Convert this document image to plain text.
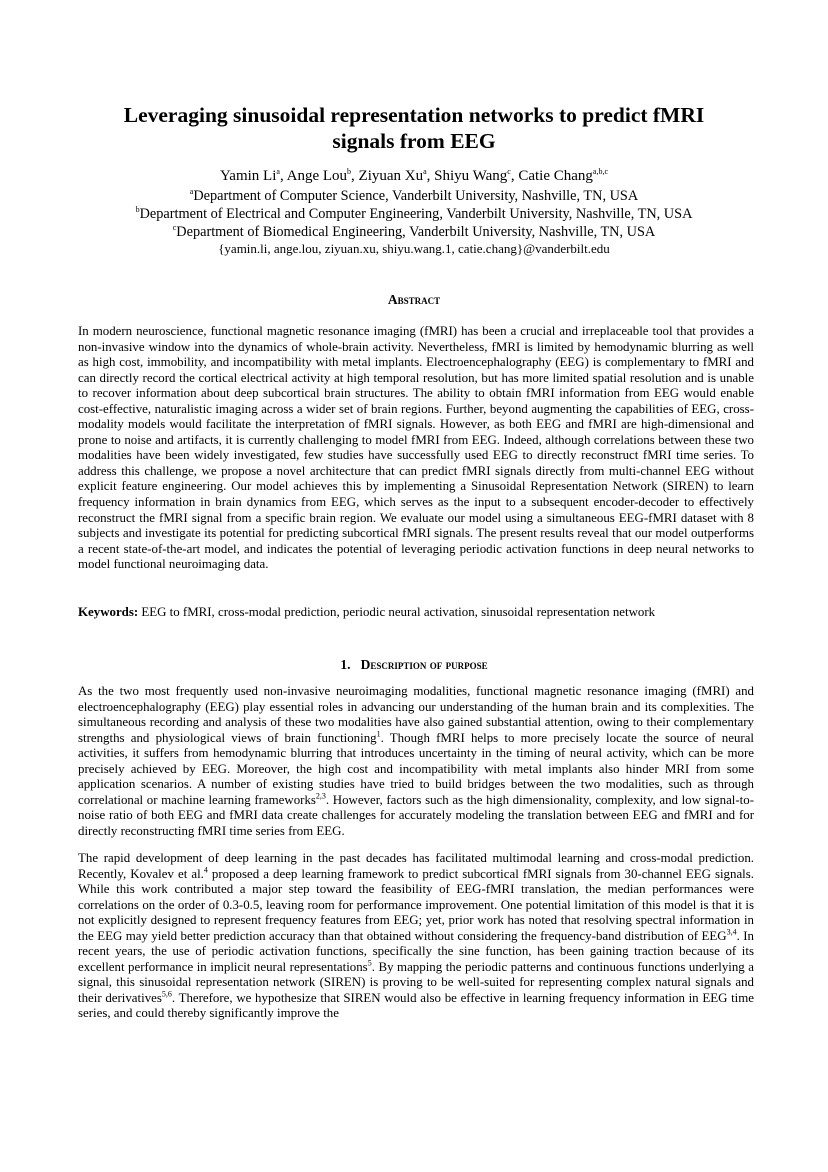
Leveraging sinusoidal representation networks to predict fMRI signals from EEG
Yamin Li$^a$, Ange Lou$^b$, Ziyuan Xu$^a$, Shiyu Wang$^c$, Catie Chang$^{a,b,c}$
$^a$Department of Computer Science, Vanderbilt University, Nashville, TN, USA
$^b$Department of Electrical and Computer Engineering, Vanderbilt University, Nashville, TN, USA
$^c$Department of Biomedical Engineering, Vanderbilt University, Nashville, TN, USA
{yamin.li, ange.lou, ziyuan.xu, shiyu.wang.1, catie.chang}@vanderbilt.edu
Abstract
In modern neuroscience, functional magnetic resonance imaging (fMRI) has been a crucial and irreplaceable tool that provides a non-invasive window into the dynamics of whole-brain activity. Nevertheless, fMRI is limited by hemodynamic blurring as well as high cost, immobility, and incompatibility with metal implants. Electroencephalography (EEG) is complementary to fMRI and can directly record the cortical electrical activity at high temporal resolution, but has more limited spatial resolution and is unable to recover information about deep subcortical brain structures. The ability to obtain fMRI information from EEG would enable cost-effective, naturalistic imaging across a wider set of brain regions. Further, beyond augmenting the capabilities of EEG, cross-modality models would facilitate the interpretation of fMRI signals. However, as both EEG and fMRI are high-dimensional and prone to noise and artifacts, it is currently challenging to model fMRI from EEG. Indeed, although correlations between these two modalities have been widely investigated, few studies have successfully used EEG to directly reconstruct fMRI time series. To address this challenge, we propose a novel architecture that can predict fMRI signals directly from multi-channel EEG without explicit feature engineering. Our model achieves this by implementing a Sinusoidal Representation Network (SIREN) to learn frequency information in brain dynamics from EEG, which serves as the input to a subsequent encoder-decoder to effectively reconstruct the fMRI signal from a specific brain region. We evaluate our model using a simultaneous EEG-fMRI dataset with 8 subjects and investigate its potential for predicting subcortical fMRI signals. The present results reveal that our model outperforms a recent state-of-the-art model, and indicates the potential of leveraging periodic activation functions in deep neural networks to model functional neuroimaging data.
Keywords: EEG to fMRI, cross-modal prediction, periodic neural activation, sinusoidal representation network
1. Description of purpose
As the two most frequently used non-invasive neuroimaging modalities, functional magnetic resonance imaging (fMRI) and electroencephalography (EEG) play essential roles in advancing our understanding of the human brain and its complexities. The simultaneous recording and analysis of these two modalities have also gained substantial attention, owing to their complementary strengths and physiological views of brain functioning$^1$. Though fMRI helps to more precisely locate the source of neural activities, it suffers from hemodynamic blurring that introduces uncertainty in the timing of neural activity, which can be more precisely achieved by EEG. Moreover, the high cost and incompatibility with metal implants also hinder MRI from some application scenarios. A number of existing studies have tried to build bridges between the two modalities, such as through correlational or machine learning frameworks$^{2,3}$. However, factors such as the high dimensionality, complexity, and low signal-to-noise ratio of both EEG and fMRI data create challenges for accurately modeling the translation between EEG and fMRI and for directly reconstructing fMRI time series from EEG.
The rapid development of deep learning in the past decades has facilitated multimodal learning and cross-modal prediction. Recently, Kovalev et al.$^4$ proposed a deep learning framework to predict subcortical fMRI signals from 30-channel EEG signals. While this work contributed a major step toward the feasibility of EEG-fMRI translation, the median performances were correlations on the order of 0.3-0.5, leaving room for performance improvement. One potential limitation of this model is that it is not explicitly designed to represent frequency features from EEG; yet, prior work has noted that resolving spectral information in the EEG may yield better prediction accuracy than that obtained without considering the frequency-band distribution of EEG$^{3,4}$. In recent years, the use of periodic activation functions, specifically the sine function, has been gaining traction because of its excellent performance in implicit neural representations$^5$. By mapping the periodic patterns and continuous functions underlying a signal, this sinusoidal representation network (SIREN) is proving to be well-suited for representing complex natural signals and their derivatives$^{5,6}$. Therefore, we hypothesize that SIREN would also be effective in learning frequency information in EEG time series, and could thereby significantly improve the
